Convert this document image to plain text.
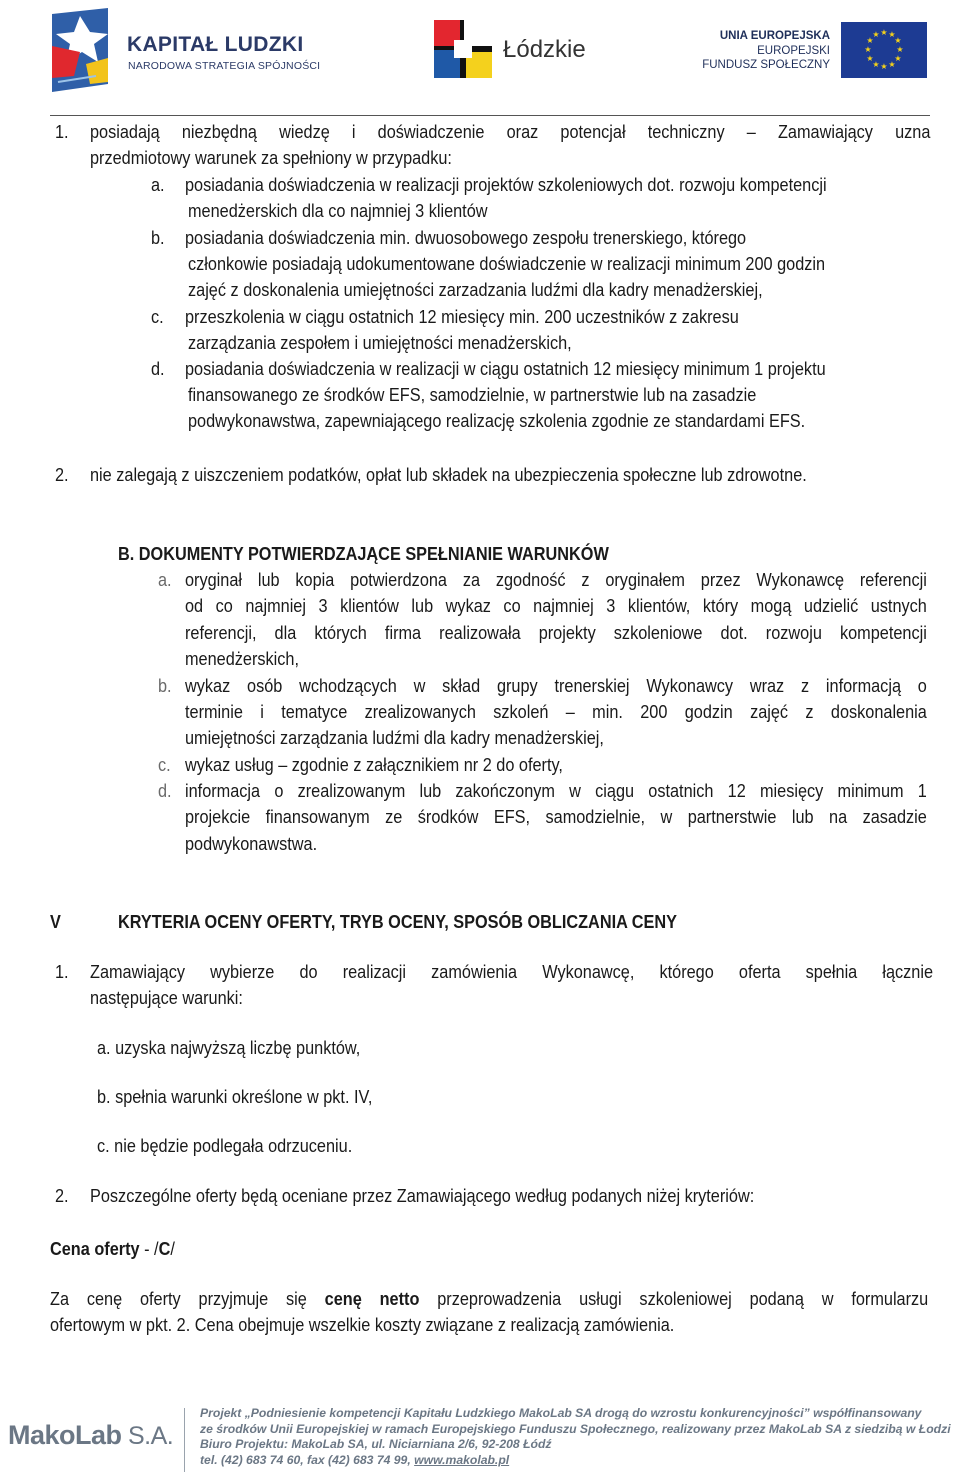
KAPITAŁ LUDZKI
NARODOWA STRATEGIA SPÓJNOŚCI
Łódzkie	UNIA EUROPEJSKA
EUROPEJSKI
FUNDUSZ SPOŁECZNY
★ ★
★
★
★
★
★
★
★
★
★
★
1. posiadają niezbędną wiedzę i doświadczenie oraz potencjał techniczny – Zamawiający uzna
przedmiotowy warunek za spełniony w przypadku:
a. posiadania doświadczenia w realizacji projektów szkoleniowych dot. rozwoju kompetencji
menedżerskich dla co najmniej 3 klientów
b. posiadania doświadczenia min. dwuosobowego zespołu trenerskiego, którego
członkowie posiadają udokumentowane doświadczenie w realizacji minimum 200 godzin
zajęć z doskonalenia umiejętności zarzadzania ludźmi dla kadry menadżerskiej,
c. przeszkolenia w ciągu ostatnich 12 miesięcy min. 200 uczestników z zakresu
zarządzania zespołem i umiejętności menadżerskich,
d. posiadania doświadczenia w realizacji w ciągu ostatnich 12 miesięcy minimum 1 projektu
finansowanego ze środków EFS, samodzielnie, w partnerstwie lub na zasadzie
podwykonawstwa, zapewniającego realizację szkolenia zgodnie ze standardami EFS.
2. nie zalegają z uiszczeniem podatków, opłat lub składek na ubezpieczenia społeczne lub zdrowotne.
B. DOKUMENTY POTWIERDZAJĄCE SPEŁNIANIE WARUNKÓW
a. oryginał lub kopia potwierdzona za zgodność z oryginałem przez Wykonawcę referencji
od co najmniej 3 klientów lub wykaz co najmniej 3 klientów, który mogą udzielić ustnych
referencji, dla których firma realizowała projekty szkoleniowe dot. rozwoju kompetencji
menedżerskich,
b. wykaz osób wchodzących w skład grupy trenerskiej Wykonawcy wraz z informacją o
terminie i tematyce zrealizowanych szkoleń – min. 200 godzin zajęć z doskonalenia
umiejętności zarządzania ludźmi dla kadry menadżerskiej,
c. wykaz usług – zgodnie z załącznikiem nr 2 do oferty,
d. informacja o zrealizowanym lub zakończonym w ciągu ostatnich 12 miesięcy minimum 1
projekcie finansowanym ze środków EFS, samodzielnie, w partnerstwie lub na zasadzie
podwykonawstwa.
V	KRYTERIA OCENY OFERTY, TRYB OCENY, SPOSÓB OBLICZANIA CENY
1. Zamawiający wybierze do realizacji zamówienia Wykonawcę, którego oferta spełnia łącznie
następujące warunki:
a. uzyska najwyższą liczbę punktów,
b. spełnia warunki określone w pkt. IV,
c. nie będzie podlegała odrzuceniu.
2. Poszczególne oferty będą oceniane przez Zamawiającego według podanych niżej kryteriów:
Cena oferty - /C/
Za cenę oferty przyjmuje się cenę netto przeprowadzenia usługi szkoleniowej podaną w formularzu
ofertowym w pkt. 2. Cena obejmuje wszelkie koszty związane z realizacją zamówienia.
MakoLab S.A.
Projekt „Podniesienie kompetencji Kapitału Ludzkiego MakoLab SA drogą do wzrostu konkurencyjności” współfinansowany
ze środków Unii Europejskiej w ramach Europejskiego Funduszu Społecznego, realizowany przez MakoLab SA z siedzibą w Łodzi
Biuro Projektu: MakoLab SA, ul. Niciarniana 2/6, 92-208 Łódź
tel. (42) 683 74 60, fax (42) 683 74 99, www.makolab.pl
